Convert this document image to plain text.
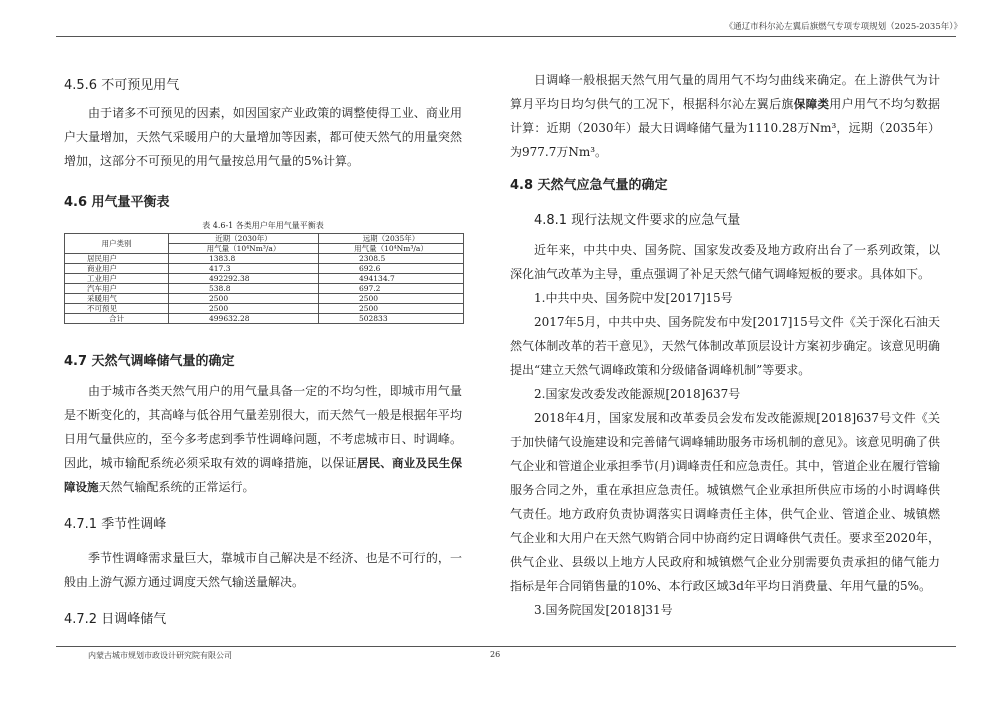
《通辽市科尔沁左翼后旗燃气专项专项规划（2025-2035年）》
4.5.6 不可预见用气

由于诸多不可预见的因素，如因国家产业政策的调整使得工业、商业用户大量增加，天然气采暖用户的大量增加等因素，都可使天然气的用量突然增加，这部分不可预见的用气量按总用气量的5%计算。

4.6 用气量平衡表
表 4.6-1 各类用户年用气量平衡表
用户类别	近期（2030年）	远期（2035年）
	用气量（10⁴Nm³/a）	用气量（10⁴Nm³/a）
居民用户	1383.8	2308.5
商业用户	417.3	692.6
工业用户	492292.38	494134.7
汽车用户	538.8	697.2
采暖用气	2500	2500
不可预见	2500	2500
合计	499632.28	502833
4.7 天然气调峰储气量的确定

由于城市各类天然气用户的用气量具备一定的不均匀性，即城市用气量是不断变化的，其高峰与低谷用气量差别很大，而天然气一般是根据年平均日用气量供应的，至今多考虑到季节性调峰问题，不考虑城市日、时调峰。因此，城市输配系统必须采取有效的调峰措施，以保证居民、商业及民生保障设施天然气输配系统的正常运行。

4.7.1 季节性调峰

季节性调峰需求量巨大，靠城市自己解决是不经济、也是不可行的，一般由上游气源方通过调度天然气输送量解决。

4.7.2 日调峰储气

日调峰一般根据天然气用气量的周用气不均匀曲线来确定。在上游供气为计算月平均日均匀供气的工况下，根据科尔沁左翼后旗保障类用户用气不均匀数据计算：近期（2030年）最大日调峰储气量为1110.28万Nm³，远期（2035年）为977.7万Nm³。

4.8 天然气应急气量的确定
4.8.1 现行法规文件要求的应急气量

近年来，中共中央、国务院、国家发改委及地方政府出台了一系列政策，以深化油气改革为主导，重点强调了补足天然气储气调峰短板的要求。具体如下。

1.中共中央、国务院中发[2017]15号

2017年5月，中共中央、国务院发布中发[2017]15号文件《关于深化石油天然气体制改革的若干意见》，天然气体制改革顶层设计方案初步确定。该意见明确提出“建立天然气调峰政策和分级储备调峰机制”等要求。

2.国家发改委发改能源规[2018]637号

2018年4月，国家发展和改革委员会发布发改能源规[2018]637号文件《关于加快储气设施建设和完善储气调峰辅助服务市场机制的意见》。该意见明确了供气企业和管道企业承担季节(月)调峰责任和应急责任。其中，管道企业在履行管输服务合同之外，重在承担应急责任。城镇燃气企业承担所供应市场的小时调峰供气责任。地方政府负责协调落实日调峰责任主体，供气企业、管道企业、城镇燃气企业和大用户在天然气购销合同中协商约定日调峰供气责任。要求至2020年，供气企业、县级以上地方人民政府和城镇燃气企业分别需要负责承担的储气能力指标是年合同销售量的10%、本行政区域3d年平均日消费量、年用气量的5%。

3.国务院国发[2018]31号

内蒙古城市规划市政设计研究院有限公司	26
